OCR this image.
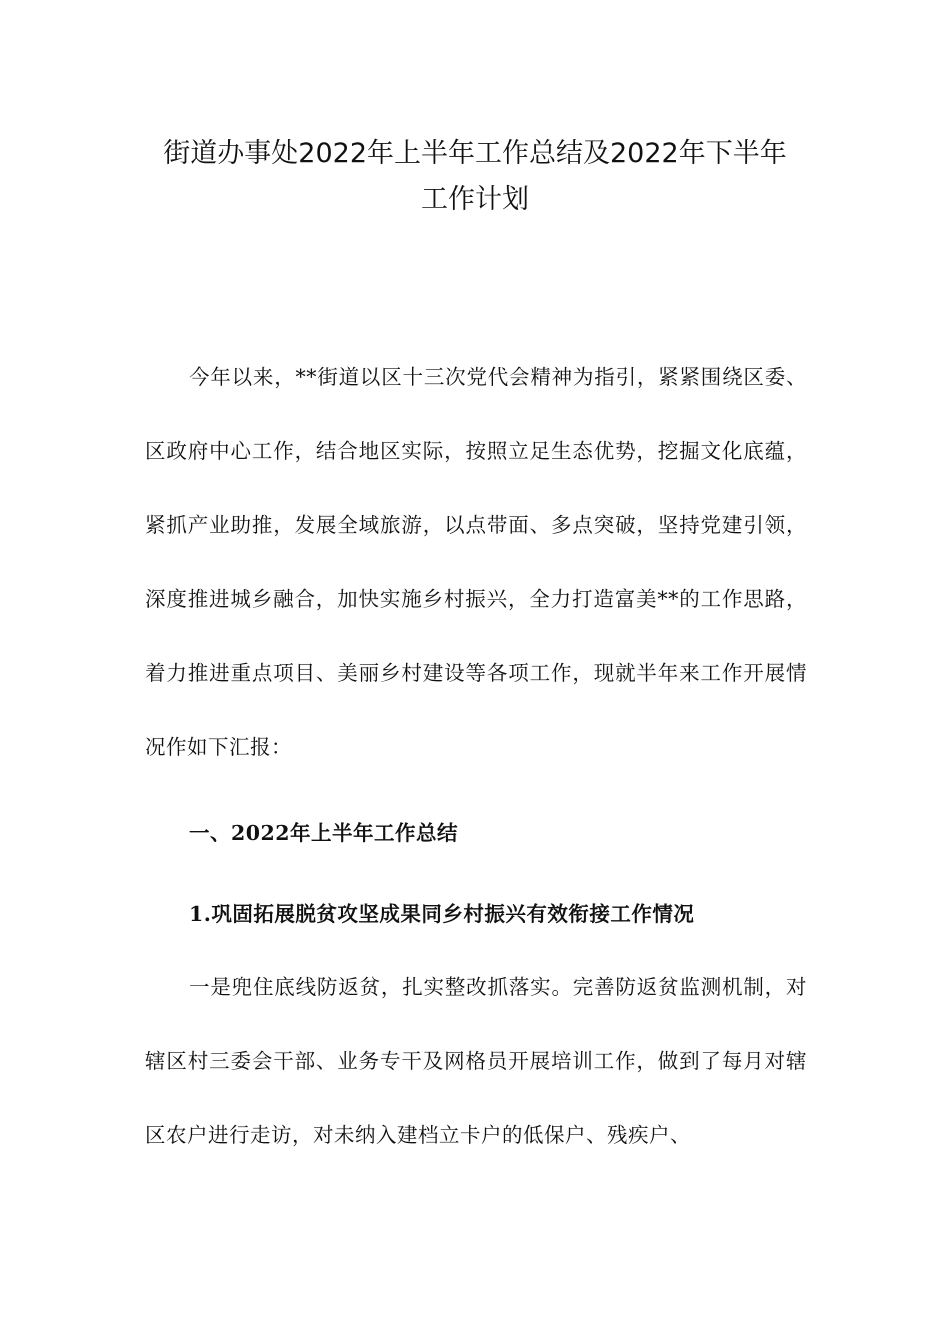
街道办事处2022年上半年工作总结及2022年下半年
工作计划

今年以来，**街道以区十三次党代会精神为指引，紧紧围绕区委、区政府中心工作，结合地区实际，按照立足生态优势，挖掘文化底蕴，紧抓产业助推，发展全域旅游，以点带面、多点突破，坚持党建引领，深度推进城乡融合，加快实施乡村振兴，全力打造富美**的工作思路，着力推进重点项目、美丽乡村建设等各项工作，现就半年来工作开展情况作如下汇报：

一、2022年上半年工作总结
1.巩固拓展脱贫攻坚成果同乡村振兴有效衔接工作情况

一是兜住底线防返贫，扎实整改抓落实。完善防返贫监测机制，对辖区村三委会干部、业务专干及网格员开展培训工作，做到了每月对辖区农户进行走访，对未纳入建档立卡户的低保户、残疾户、
